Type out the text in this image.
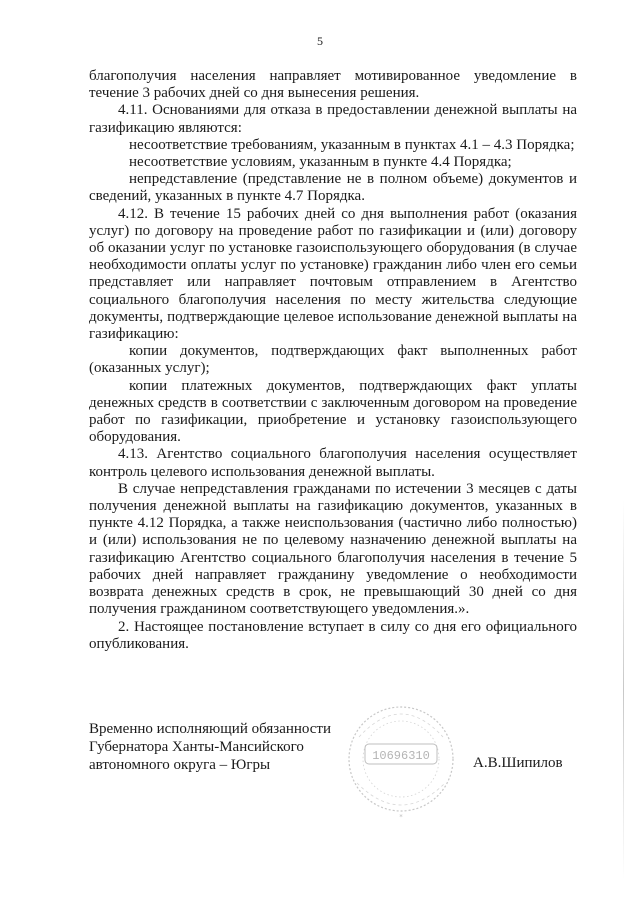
5

благополучия населения направляет мотивированное уведомление в течение 3 рабочих дней со дня вынесения решения.

4.11. Основаниями для отказа в предоставлении денежной выплаты на газификацию являются:

несоответствие требованиям, указанным в пунктах 4.1 – 4.3 Порядка;

несоответствие условиям, указанным в пункте 4.4 Порядка;

непредставление (представление не в полном объеме) документов и сведений, указанных в пункте 4.7 Порядка.

4.12. В течение 15 рабочих дней со дня выполнения работ (оказания услуг) по договору на проведение работ по газификации и (или) договору об оказании услуг по установке газоиспользующего оборудования (в случае необходимости оплаты услуг по установке) гражданин либо член его семьи представляет или направляет почтовым отправлением в Агентство социального благополучия населения по месту жительства следующие документы, подтверждающие целевое использование денежной выплаты на газификацию:

копии документов, подтверждающих факт выполненных работ (оказанных услуг);

копии платежных документов, подтверждающих факт уплаты денежных средств в соответствии с заключенным договором на проведение работ по газификации, приобретение и установку газоиспользующего оборудования.

4.13. Агентство социального благополучия населения осуществляет контроль целевого использования денежной выплаты.

В случае непредставления гражданами по истечении 3 месяцев с даты получения денежной выплаты на газификацию документов, указанных в пункте 4.12 Порядка, а также неиспользования (частично либо полностью) и (или) использования не по целевому назначению денежной выплаты на газификацию Агентство социального благополучия населения в течение 5 рабочих дней направляет гражданину уведомление о необходимости возврата денежных средств в срок, не превышающий 30 дней со дня получения гражданином соответствующего уведомления.».

2. Настоящее постановление вступает в силу со дня его официального опубликования.

Временно исполняющий обязанности
Губернатора Ханты-Мансийского
автономного округа – Югры
10696310
*
А.В.Шипилов
